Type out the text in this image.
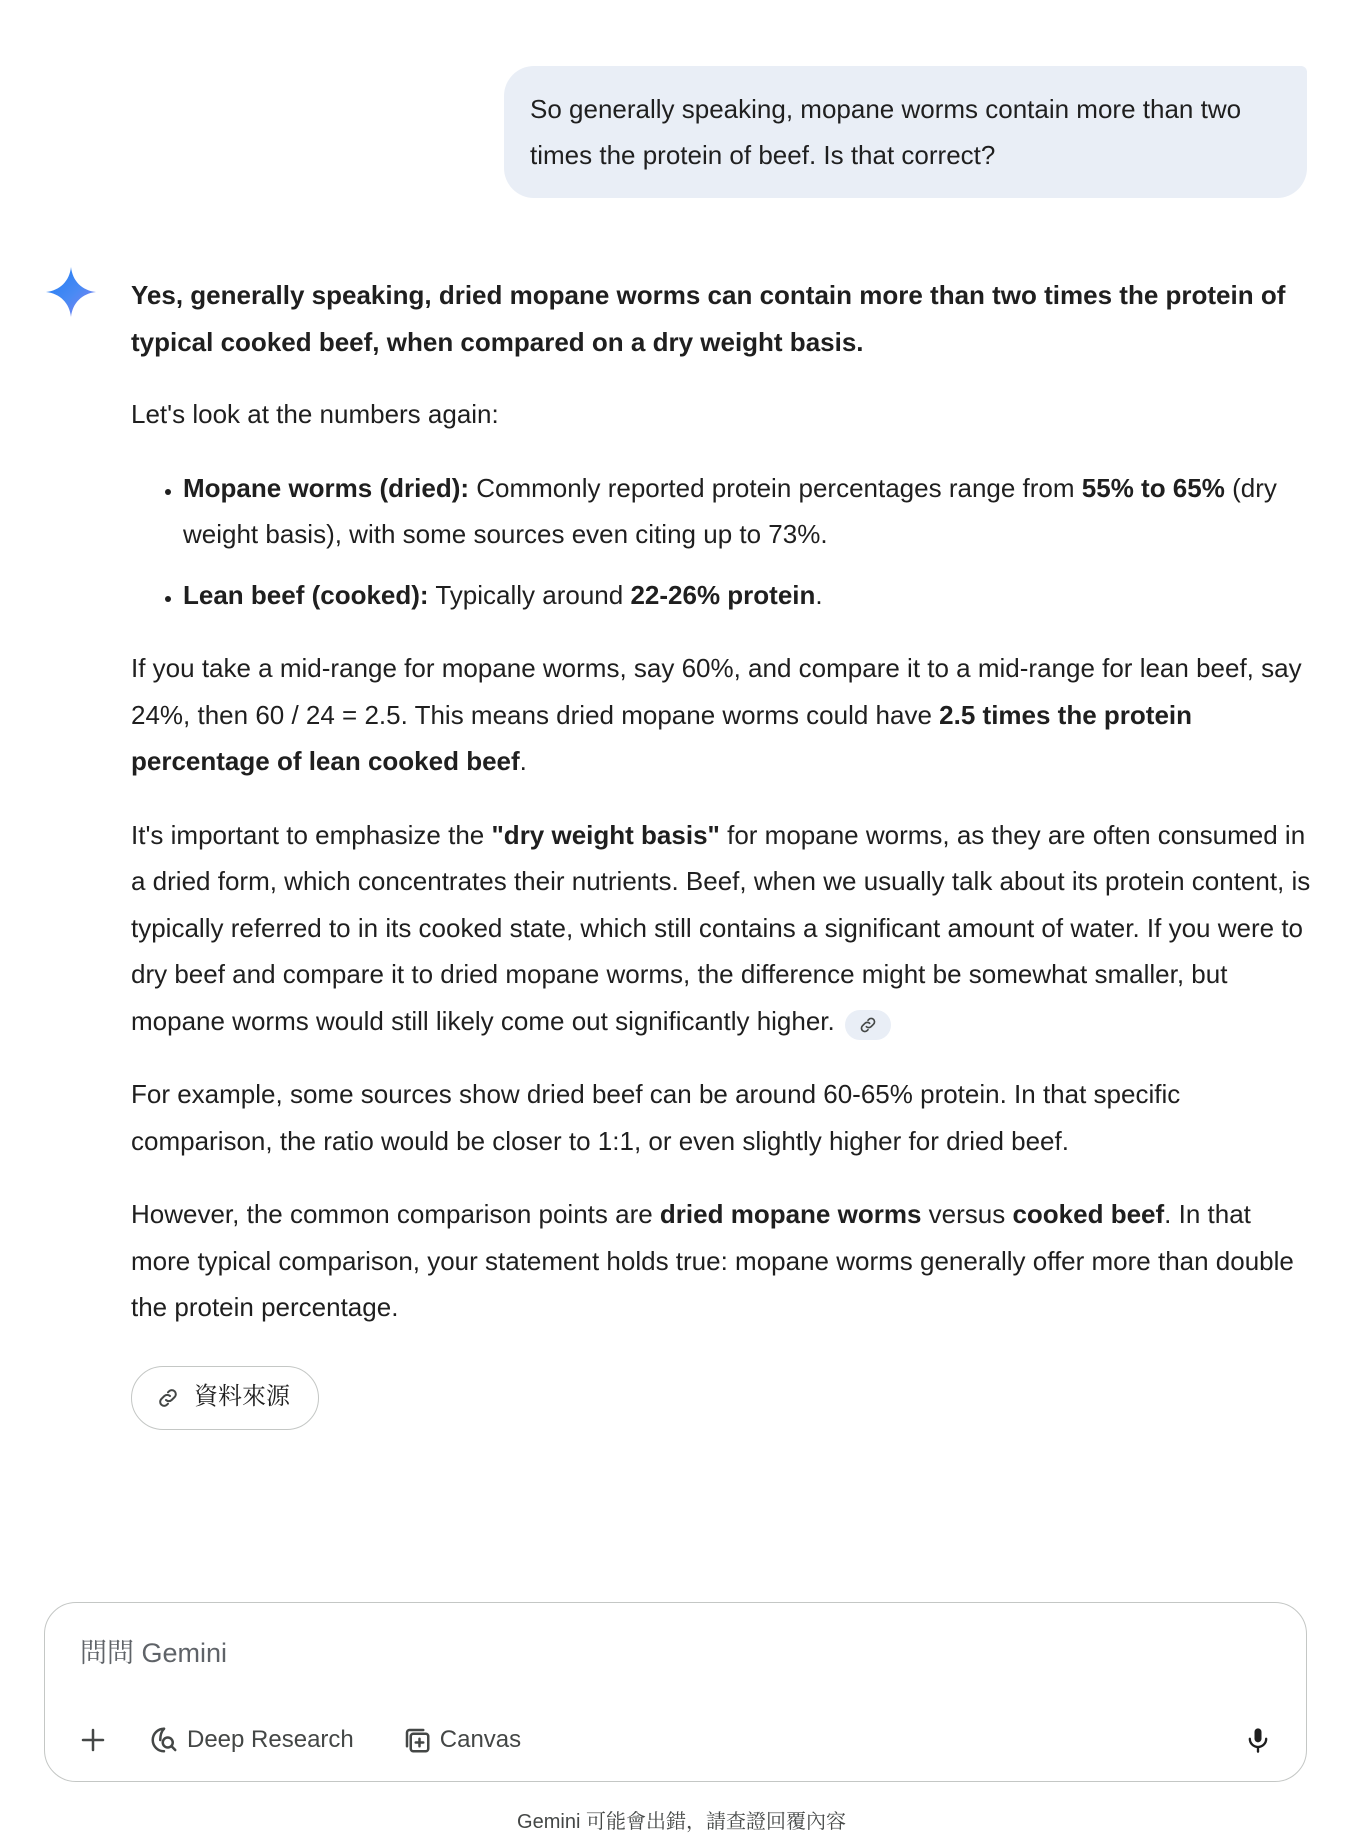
So generally speaking, mopane worms contain more than two
times the protein of beef. Is that correct?

Yes, generally speaking, dried mopane worms can contain more than two times the protein of typical cooked beef, when compared on a dry weight basis.

Let's look at the numbers again:

• Mopane worms (dried): Commonly reported protein percentages range from 55% to 65% (dry weight basis), with some sources even citing up to 73%.
• Lean beef (cooked): Typically around 22-26% protein.

If you take a mid-range for mopane worms, say 60%, and compare it to a mid-range for lean beef, say 24%, then 60 / 24 = 2.5. This means dried mopane worms could have 2.5 times the protein percentage of lean cooked beef.

It's important to emphasize the "dry weight basis" for mopane worms, as they are often consumed in a dried form, which concentrates their nutrients. Beef, when we usually talk about its protein content, is typically referred to in its cooked state, which still contains a significant amount of water. If you were to dry beef and compare it to dried mopane worms, the difference might be somewhat smaller, but mopane worms would still likely come out significantly higher.

For example, some sources show dried beef can be around 60-65% protein. In that specific comparison, the ratio would be closer to 1:1, or even slightly higher for dried beef.

However, the common comparison points are dried mopane worms versus cooked beef. In that more typical comparison, your statement holds true: mopane worms generally offer more than double the protein percentage.

資料來源
問問 Gemini
Deep Research	Canvas
Gemini 可能會出錯，請查證回覆內容
